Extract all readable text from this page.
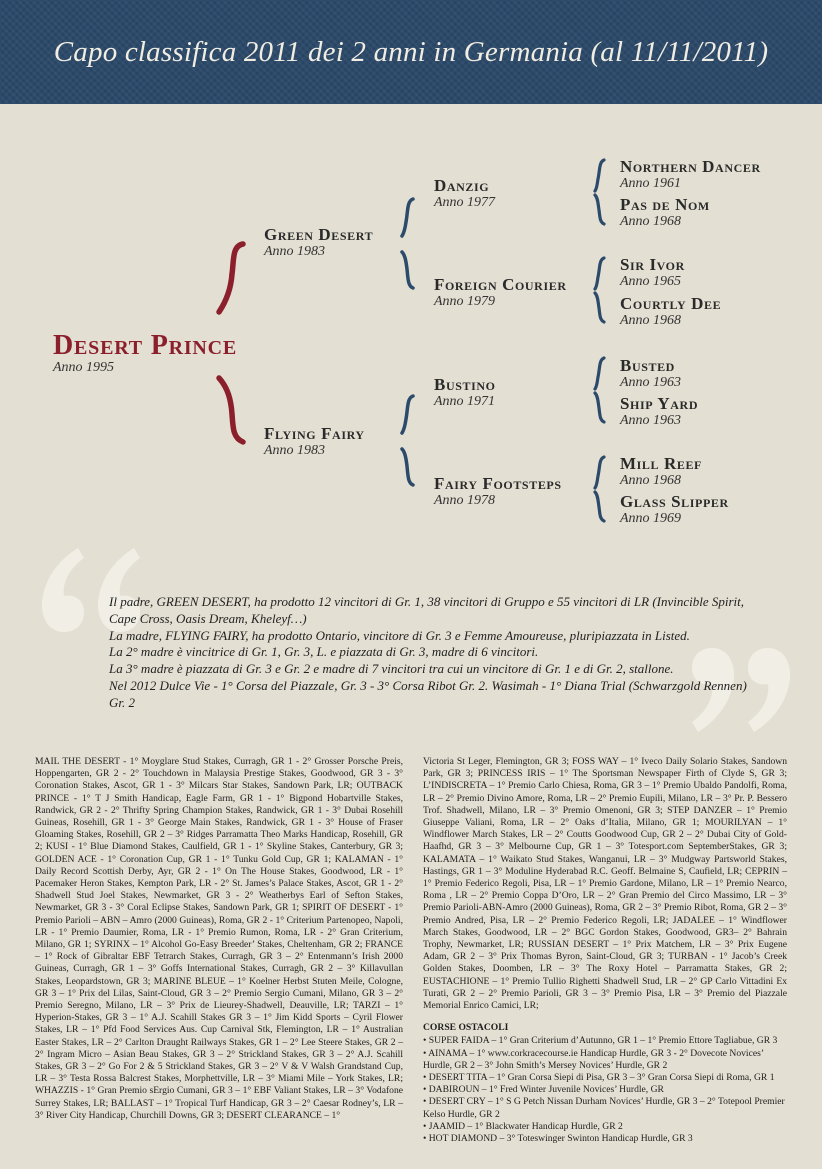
Capo classifica 2011 dei 2 anni in Germania (al 11/11/2011)
Desert Prince
Anno 1995
Green Desert
Anno 1983
Flying Fairy
Anno 1983
Danzig
Anno 1977
Foreign Courier
Anno 1979
Bustino
Anno 1971
Fairy Footsteps
Anno 1978
Northern Dancer
Anno 1961
Pas de Nom
Anno 1968
Sir Ivor
Anno 1965
Courtly Dee
Anno 1968
Busted
Anno 1963
Ship Yard
Anno 1963
Mill Reef
Anno 1968
Glass Slipper
Anno 1969

Il padre, GREEN DESERT, ha prodotto 12 vincitori di Gr. 1, 38 vincitori di Gruppo e 55 vincitori di LR (Invincible Spirit, Cape Cross, Oasis Dream, Kheleyf…)

La madre, FLYING FAIRY, ha prodotto Ontario, vincitore di Gr. 3 e Femme Amoureuse, pluripiazzata in Listed.

La 2° madre è vincitrice di Gr. 1, Gr. 3, L. e piazzata di Gr. 3, madre di 6 vincitori.

La 3° madre è piazzata di Gr. 3 e Gr. 2 e madre di 7 vincitori tra cui un vincitore di Gr. 1 e di Gr. 2, stallone.

Nel 2012 Dulce Vie - 1° Corsa del Piazzale, Gr. 3 - 3° Corsa Ribot Gr. 2. Wasimah - 1° Diana Trial (Schwarzgold Rennen) Gr. 2

MAIL THE DESERT - 1° Moyglare Stud Stakes, Curragh, GR 1 - 2° Grosser Porsche Preis, Hoppengarten, GR 2 - 2° Touchdown in Malaysia Prestige Stakes, Goodwood, GR 3 - 3° Coronation Stakes, Ascot, GR 1 - 3° Milcars Star Stakes, Sandown Park, LR; OUTBACK PRINCE - 1° T J Smith Handicap, Eagle Farm, GR 1 - 1° Bigpond Hobartville Stakes, Randwick, GR 2 - 2° Thrifty Spring Champion Stakes, Randwick, GR 1 - 3° Dubai Rosehill Guineas, Rosehill, GR 1 - 3° George Main Stakes, Randwick, GR 1 - 3° House of Fraser Gloaming Stakes, Rosehill, GR 2 – 3° Ridges Parramatta Theo Marks Handicap, Rosehill, GR 2; KUSI - 1° Blue Diamond Stakes, Caulfield, GR 1 - 1° Skyline Stakes, Canterbury, GR 3; GOLDEN ACE - 1° Coronation Cup, GR 1 - 1° Tunku Gold Cup, GR 1; KALAMAN - 1° Daily Record Scottish Derby, Ayr, GR 2 - 1° On The House Stakes, Goodwood, LR - 1° Pacemaker Heron Stakes, Kempton Park, LR - 2° St. James’s Palace Stakes, Ascot, GR 1 - 2° Shadwell Stud Joel Stakes, Newmarket, GR 3 - 2° Weatherbys Earl of Sefton Stakes, Newmarket, GR 3 - 3° Coral Eclipse Stakes, Sandown Park, GR 1; SPIRIT OF DESERT - 1° Premio Parioli – ABN – Amro (2000 Guineas), Roma, GR 2 - 1° Criterium Partenopeo, Napoli, LR - 1° Premio Daumier, Roma, LR - 1° Premio Rumon, Roma, LR - 2° Gran Criterium, Milano, GR 1; SYRINX – 1° Alcohol Go-Easy Breeder’ Stakes, Cheltenham, GR 2; FRANCE – 1° Rock of Gibraltar EBF Tetrarch Stakes, Curragh, GR 3 – 2° Entenmann’s Irish 2000 Guineas, Curragh, GR 1 – 3° Goffs International Stakes, Curragh, GR 2 – 3° Killavullan Stakes, Leopardstown, GR 3; MARINE BLEUE – 1° Koelner Herbst Stuten Meile, Cologne, GR 3 – 1° Prix del Lilas, Saint-Cloud, GR 3 – 2° Premio Sergio Cumani, Milano, GR 3 – 2° Premio Seregno, Milano, LR – 3° Prix de Lieurey-Shadwell, Deauville, LR; TARZI – 1° Hyperion-Stakes, GR 3 – 1° A.J. Scahill Stakes GR 3 – 1° Jim Kidd Sports – Cyril Flower Stakes, LR – 1° Pfd Food Services Aus. Cup Carnival Stk, Flemington, LR – 1° Australian Easter Stakes, LR – 2° Carlton Draught Railways Stakes, GR 1 – 2° Lee Steere Stakes, GR 2 – 2° Ingram Micro – Asian Beau Stakes, GR 3 – 2° Strickland Stakes, GR 3 – 2° A.J. Scahill Stakes, GR 3 – 2° Go For 2 & 5 Strickland Stakes, GR 3 – 2° V & V Walsh Grandstand Cup, LR – 3° Testa Rossa Balcrest Stakes, Morphettville, LR – 3° Miami Mile – York Stakes, LR; WHAZZIS - 1° Gran Premio sErgio Cumani, GR 3 – 1° EBF Valiant Stakes, LR – 3° Vodafone Surrey Stakes, LR; BALLAST – 1° Tropical Turf Handicap, GR 3 – 2° Caesar Rodney’s, LR – 3° River City Handicap, Churchill Downs, GR 3; DESERT CLEARANCE – 1°

Victoria St Leger, Flemington, GR 3; FOSS WAY – 1° Iveco Daily Solario Stakes, Sandown Park, GR 3; PRINCESS IRIS – 1° The Sportsman Newspaper Firth of Clyde S, GR 3; L’INDISCRETA – 1° Premio Carlo Chiesa, Roma, GR 3 – 1° Premio Ubaldo Pandolfi, Roma, LR – 2° Premio Divino Amore, Roma, LR – 2° Premio Eupili, Milano, LR – 3° Pr. P. Bessero Trof. Shadwell, Milano, LR – 3° Premio Omenoni, GR 3; STEP DANZER – 1° Premio Giuseppe Valiani, Roma, LR – 2° Oaks d’Italia, Milano, GR 1; MOURILYAN – 1° Windflower March Stakes, LR – 2° Coutts Goodwood Cup, GR 2 – 2° Dubai City of Gold-Haafhd, GR 3 – 3° Melbourne Cup, GR 1 – 3° Totesport.com SeptemberStakes, GR 3; KALAMATA – 1° Waikato Stud Stakes, Wanganui, LR – 3° Mudgway Partsworld Stakes, Hastings, GR 1 – 3° Moduline Hyderabad R.C. Geoff. Belmaine S, Caufield, LR; CEPRIN – 1° Premio Federico Regoli, Pisa, LR – 1° Premio Gardone, Milano, LR – 1° Premio Nearco, Roma , LR – 2° Premio Coppa D’Oro, LR – 2° Gran Premio del Circo Massimo, LR – 3° Premio Parioli-ABN-Amro (2000 Guineas), Roma, GR 2 – 3° Premio Ribot, Roma, GR 2 – 3° Premio Andred, Pisa, LR – 2° Premio Federico Regoli, LR; JADALEE – 1° Windflower March Stakes, Goodwood, LR – 2° BGC Gordon Stakes, Goodwood, GR3– 2° Bahrain Trophy, Newmarket, LR; RUSSIAN DESERT – 1° Prix Matchem, LR – 3° Prix Eugene Adam, GR 2 – 3° Prix Thomas Byron, Saint-Cloud, GR 3; TURBAN - 1° Jacob’s Creek Golden Stakes, Doomben, LR – 3° The Roxy Hotel – Parramatta Stakes, GR 2; EUSTACHIONE – 1° Premio Tullio Righetti Shadwell Stud, LR – 2° GP Carlo Vittadini Ex Turati, GR 2 – 2° Premio Parioli, GR 3 – 3° Premio Pisa, LR – 3° Premio del Piazzale Memorial Enrico Camici, LR;

CORSE OSTACOLI
• SUPER FAIDA – 1° Gran Criterium d’Autunno, GR 1 – 1° Premio Ettore Tagliabue, GR 3
• AINAMA – 1° www.corkracecourse.ie Handicap Hurdle, GR 3 - 2° Dovecote Novices’ Hurdle, GR 2 – 3° John Smith’s Mersey Novices’ Hurdle, GR 2
• DESERT TITA – 1° Gran Corsa Siepi di Pisa, GR 3 – 3° Gran Corsa Siepi di Roma, GR 1
• DABIROUN – 1° Fred Winter Juvenile Novices’ Hurdle, GR
• DESERT CRY – 1° S G Petch Nissan Durham Novices’ Hurdle, GR 3 – 2° Totepool Premier Kelso Hurdle, GR 2
• JAAMID – 1° Blackwater Handicap Hurdle, GR 2
• HOT DIAMOND – 3° Toteswinger Swinton Handicap Hurdle, GR 3
